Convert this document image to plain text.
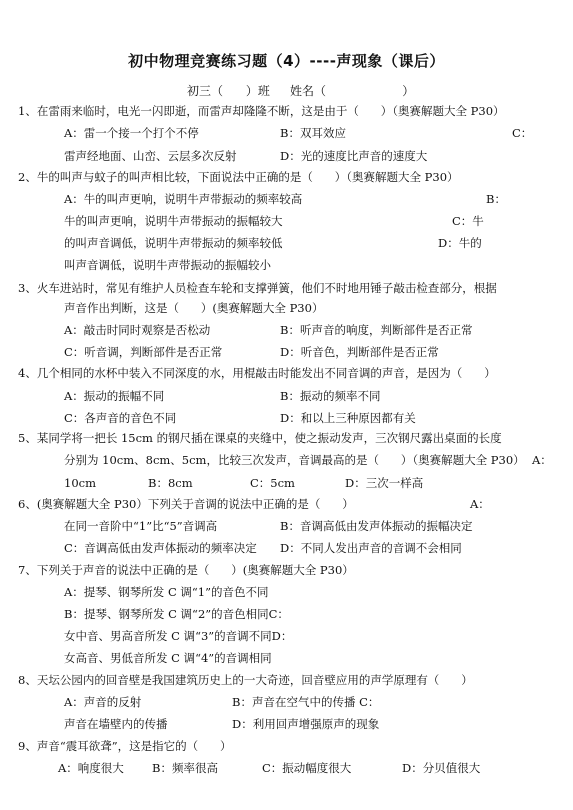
初中物理竞赛练习题（4）----声现象（课后）
初三（      ）班 姓名（                    ）
1、在雷雨来临时，电光一闪即逝，而雷声却隆隆不断，这是由于（      ）（奥赛解题大全 P30）
A：雷一个接一个打个不停	B：双耳效应	C：
雷声经地面、山峦、云层多次反射	D：光的速度比声音的速度大
2、牛的叫声与蚊子的叫声相比较，下面说法中正确的是（      ）（奥赛解题大全 P30）
A：牛的叫声更响，说明牛声带振动的频率较高	B：
牛的叫声更响，说明牛声带振动的振幅较大	C：牛
的叫声音调低，说明牛声带振动的频率较低	D：牛的
叫声音调低，说明牛声带振动的振幅较小
3、火车进站时，常见有维护人员检查车轮和支撑弹簧，他们不时地用锤子敲击检查部分，根据
声音作出判断，这是（      ）(奥赛解题大全 P30）
A：敲击时同时观察是否松动	B：听声音的响度，判断部件是否正常
C：听音调，判断部件是否正常	D：听音色，判断部件是否正常
4、几个相同的水杯中装入不同深度的水，用棍敲击时能发出不同音调的声音，是因为（      ）
A：振动的振幅不同	B：振动的频率不同
C：各声音的音色不同	D：和以上三种原因都有关
5、某同学将一把长 15cm 的钢尺插在课桌的夹缝中，使之振动发声，三次钢尺露出桌面的长度
分别为 10cm、8cm、5cm，比较三次发声，音调最高的是（      ）（奥赛解题大全 P30）  A：
10cm	B：8cm	C：5cm	D：三次一样高
6、(奥赛解题大全 P30）下列关于音调的说法中正确的是（      ）	A：
在同一音阶中“1”比“5”音调高	B：音调高低由发声体振动的振幅决定
C：音调高低由发声体振动的频率决定 D：不同人发出声音的音调不会相同
7、下列关于声音的说法中正确的是（      ）(奥赛解题大全 P30）
A：提琴、钢琴所发 C 调“1”的音色不同
B：提琴、钢琴所发 C 调“2”的音色相同C：
女中音、男高音所发 C 调“3”的音调不同D：
女高音、男低音所发 C 调“4”的音调相同
8、天坛公园内的回音壁是我国建筑历史上的一大奇迹，回音壁应用的声学原理有（      ）
A：声音的反射	B：声音在空气中的传播 C：
声音在墙壁内的传播	D：利用回声增强原声的现象
9、声音“震耳欲聋”，这是指它的（      ）
A：响度很大 B：频率很高	C：振动幅度很大	D：分贝值很大
